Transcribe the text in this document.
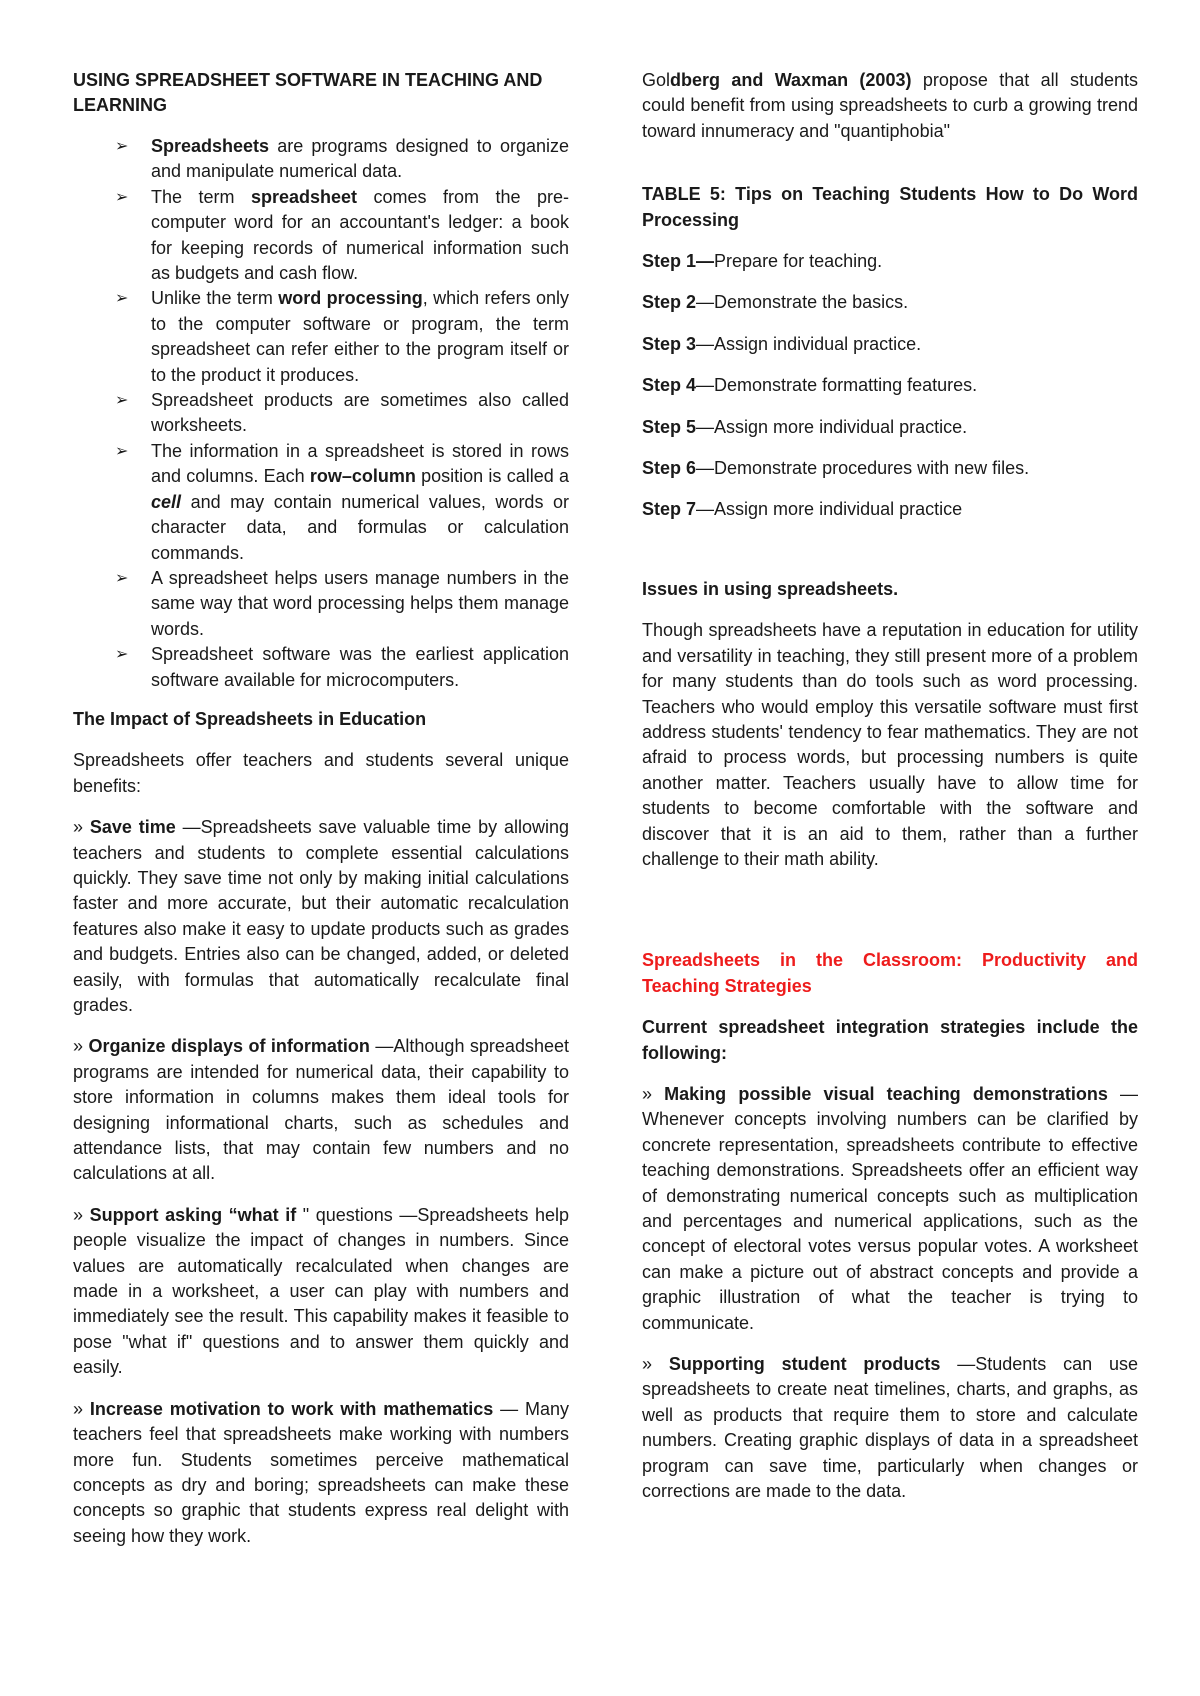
USING SPREADSHEET SOFTWARE IN TEACHING AND LEARNING

➢ Spreadsheets are programs designed to organize and manipulate numerical data.
➢ The term spreadsheet comes from the pre-computer word for an accountant's ledger: a book for keeping records of numerical information such as budgets and cash flow.
➢ Unlike the term word processing, which refers only to the computer software or program, the term spreadsheet can refer either to the program itself or to the product it produces.
➢ Spreadsheet products are sometimes also called worksheets.
➢ The information in a spreadsheet is stored in rows and columns. Each row–column position is called a cell and may contain numerical values, words or character data, and formulas or calculation commands.
➢ A spreadsheet helps users manage numbers in the same way that word processing helps them manage words.
➢ Spreadsheet software was the earliest application software available for microcomputers.

The Impact of Spreadsheets in Education

Spreadsheets offer teachers and students several unique benefits:

» Save time —Spreadsheets save valuable time by allowing teachers and students to complete essential calculations quickly. They save time not only by making initial calculations faster and more accurate, but their automatic recalculation features also make it easy to update products such as grades and budgets. Entries also can be changed, added, or deleted easily, with formulas that automatically recalculate final grades.

» Organize displays of information —Although spreadsheet programs are intended for numerical data, their capability to store information in columns makes them ideal tools for designing informational charts, such as schedules and attendance lists, that may contain few numbers and no calculations at all.

» Support asking “what if " questions —Spreadsheets help people visualize the impact of changes in numbers. Since values are automatically recalculated when changes are made in a worksheet, a user can play with numbers and immediately see the result. This capability makes it feasible to pose "what if" questions and to answer them quickly and easily.

» Increase motivation to work with mathematics — Many teachers feel that spreadsheets make working with numbers more fun. Students sometimes perceive mathematical concepts as dry and boring; spreadsheets can make these concepts so graphic that students express real delight with seeing how they work.

Goldberg and Waxman (2003) propose that all students could benefit from using spreadsheets to curb a growing trend toward innumeracy and "quantiphobia"

TABLE 5: Tips on Teaching Students How to Do Word Processing

Step 1—Prepare for teaching.

Step 2—Demonstrate the basics.

Step 3—Assign individual practice.

Step 4—Demonstrate formatting features.

Step 5—Assign more individual practice.

Step 6—Demonstrate procedures with new files.

Step 7—Assign more individual practice

Issues in using spreadsheets.

Though spreadsheets have a reputation in education for utility and versatility in teaching, they still present more of a problem for many students than do tools such as word processing. Teachers who would employ this versatile software must first address students' tendency to fear mathematics. They are not afraid to process words, but processing numbers is quite another matter. Teachers usually have to allow time for students to become comfortable with the software and discover that it is an aid to them, rather than a further challenge to their math ability.

Spreadsheets in the Classroom: Productivity and Teaching Strategies

Current spreadsheet integration strategies include the following:

» Making possible visual teaching demonstrations —Whenever concepts involving numbers can be clarified by concrete representation, spreadsheets contribute to effective teaching demonstrations. Spreadsheets offer an efficient way of demonstrating numerical concepts such as multiplication and percentages and numerical applications, such as the concept of electoral votes versus popular votes. A worksheet can make a picture out of abstract concepts and provide a graphic illustration of what the teacher is trying to communicate.

» Supporting student products —Students can use spreadsheets to create neat timelines, charts, and graphs, as well as products that require them to store and calculate numbers. Creating graphic displays of data in a spreadsheet program can save time, particularly when changes or corrections are made to the data.
